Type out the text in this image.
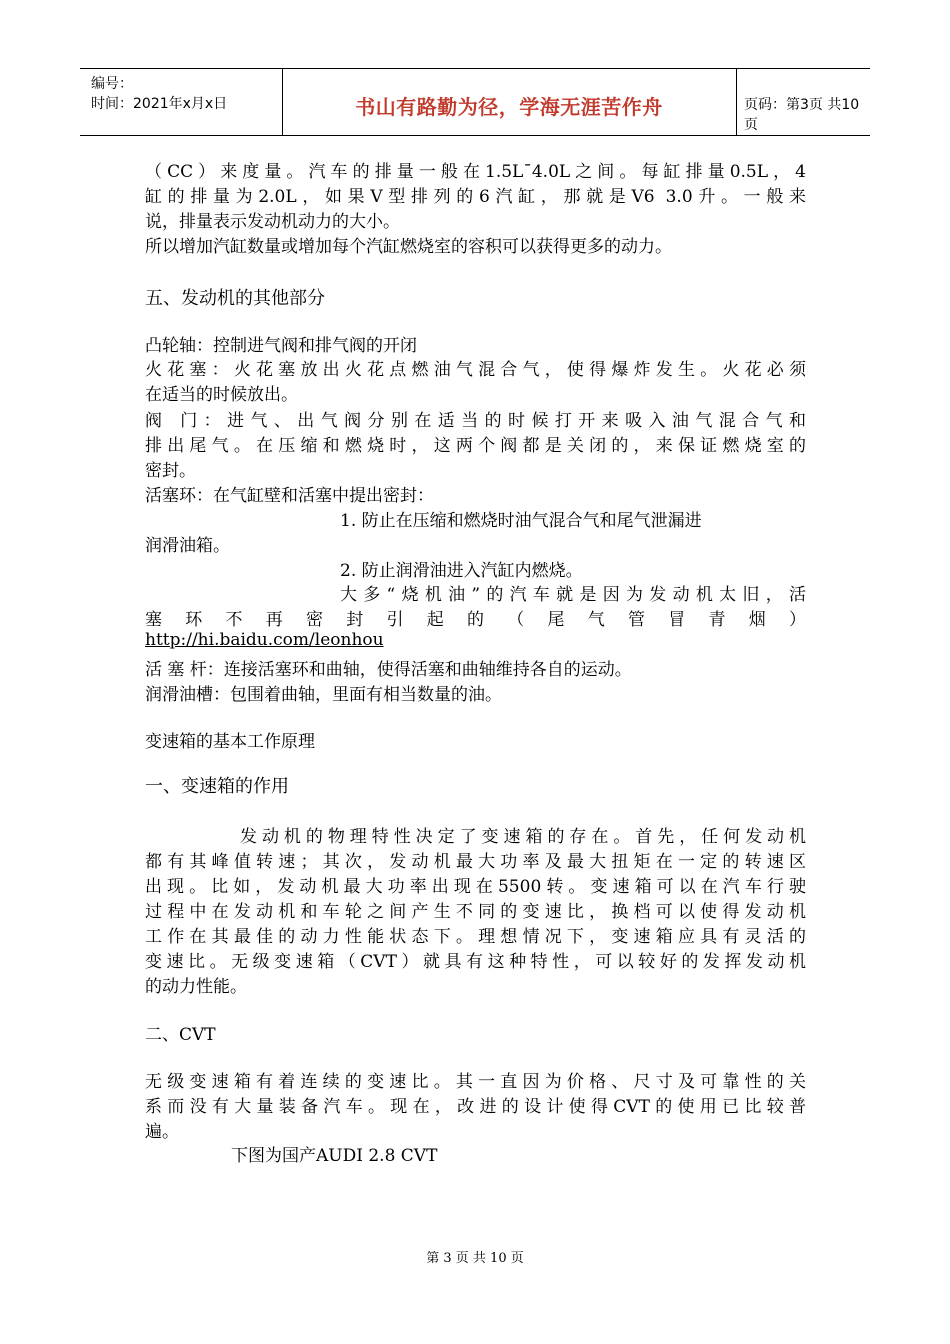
编号：
时间：2021年x月x日	书山有路勤为径，学海无涯苦作舟	页码：第3页 共10页
（CC）来度量。汽车的排量一般在1.5L¯4.0L之间。每缸排量0.5L，4
缸的排量为2.0L，如果V型排列的6汽缸，那就是V6 3.0升。一般来
说，排量表示发动机动力的大小。
所以增加汽缸数量或增加每个汽缸燃烧室的容积可以获得更多的动力。
五、发动机的其他部分
凸轮轴：控制进气阀和排气阀的开闭
火花塞：火花塞放出火花点燃油气混合气，使得爆炸发生。火花必须
在适当的时候放出。
阀 门：进气、出气阀分别在适当的时候打开来吸入油气混合气和
排出尾气。在压缩和燃烧时，这两个阀都是关闭的，来保证燃烧室的
密封。
活塞环：在气缸壁和活塞中提出密封：
1. 防止在压缩和燃烧时油气混合气和尾气泄漏进
润滑油箱。
2. 防止润滑油进入汽缸内燃烧。
大多“烧机油”的汽车就是因为发动机太旧，活
塞 环 不 再 密 封 引 起 的 （ 尾 气 管 冒 青 烟 ）
http://hi.baidu.com/leonhou
活 塞 杆：连接活塞环和曲轴，使得活塞和曲轴维持各自的运动。
润滑油槽：包围着曲轴，里面有相当数量的油。
变速箱的基本工作原理
一、变速箱的作用
发动机的物理特性决定了变速箱的存在。首先，任何发动机
都有其峰值转速；其次，发动机最大功率及最大扭矩在一定的转速区
出现。比如，发动机最大功率出现在5500转。变速箱可以在汽车行驶
过程中在发动机和车轮之间产生不同的变速比，换档可以使得发动机
工作在其最佳的动力性能状态下。理想情况下，变速箱应具有灵活的
变速比。无级变速箱（CVT）就具有这种特性，可以较好的发挥发动机
的动力性能。
二、CVT
无级变速箱有着连续的变速比。其一直因为价格、尺寸及可靠性的关
系而没有大量装备汽车。现在，改进的设计使得CVT的使用已比较普
遍。
下图为国产AUDI 2.8 CVT
第 3 页 共 10 页
